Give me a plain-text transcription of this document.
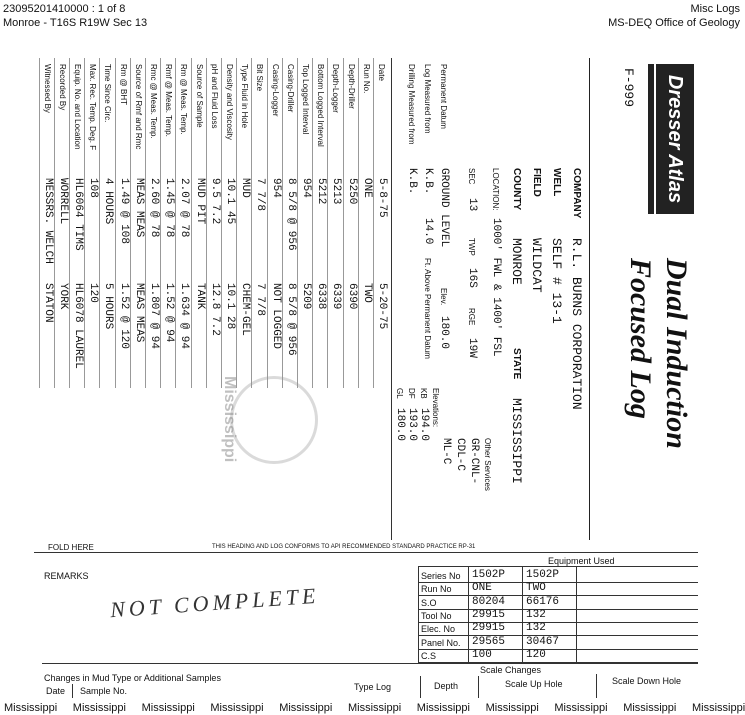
23095201410000 : 1 of 8
Monroe - T16S R19W Sec 13
Misc Logs
MS-DEQ Office of Geology
Dresser Atlas
Dual Induction Focused Log
F-999
COMPANY
R.L. BURNS CORPORATION
WELL
SELF # 13-1
FIELD
WILDCAT
COUNTY
MONROE
STATE
MISSISSIPPI
LOCATION:
1000' FWL & 1400' FSL
SEC
13
TWP
16S
RGE
19W
Other Services
GR-CNL-
CDL-C
ML-C
Permanent Datum
GROUND LEVEL
Elev.
180.0
Log Measured from
K.B.
14.0
Ft. Above Permanent Datum
Drilling Measured from
K.B.
Elevations:
KB
194.0
DF
193.0
GL
180.0
Date
5-8-75
5-20-75
Run No.
ONE
TWO
Depth-Driller
5250
6390
Depth-Logger
5213
6339
Bottom Logged Interval
5212
6338
Top Logged Interval
954
5209
Casing-Driller
8 5/8 @ 956
8 5/8 @ 956
Casing-Logger
954
NOT LOGGED
Bit Size
7 7/8
7 7/8
Type Fluid in Hole
MUD
CHEM-GEL
Density and Viscosity
10.1 45
10.1 28
pH and Fluid Loss
9.5 7.2
12.8 7.2
Source of Sample
MUD PIT
TANK
Rm @ Meas. Temp.
2.07 @ 78
1.634 @ 94
Rmf @ Meas. Temp.
1.45 @ 78
1.52 @ 94
Rmc @ Meas. Temp.
2.60 @ 78
1.807 @ 94
Source of Rmf and Rmc
MEAS MEAS
MEAS MEAS
Rm @ BHT
1.49 @ 108
1.52 @ 120
Time Since Circ.
4 HOURS
5 HOURS
Max. Rec. Temp. Deg. F
108
120
Equip. No. and Location
HL6064 TIMS
HL6078 LAUREL
Recorded By
WORRELL
YORK
Witnessed By
MESSRS. WELCH
STATON
Mississippi
FOLD HERE	THIS HEADING AND LOG CONFORMS TO API RECOMMENDED STANDARD PRACTICE RP-31
REMARKS
NOT COMPLETE
Equipment Used
Series No 1502P 1502P
Run No ONE	TWO
S.O	80204 66176
Tool No 29915 132
Elec. No 29915 132
Panel No. 29565 30467
C.S	100	120
Changes in Mud Type or Additional Samples
Date Sample No.
Scale Changes
Type Log	Depth	Scale Up Hole	Scale Down Hole
Mississippi Mississippi Mississippi Mississippi Mississippi Mississippi Mississippi Mississippi Mississippi Mississippi Mississippi
